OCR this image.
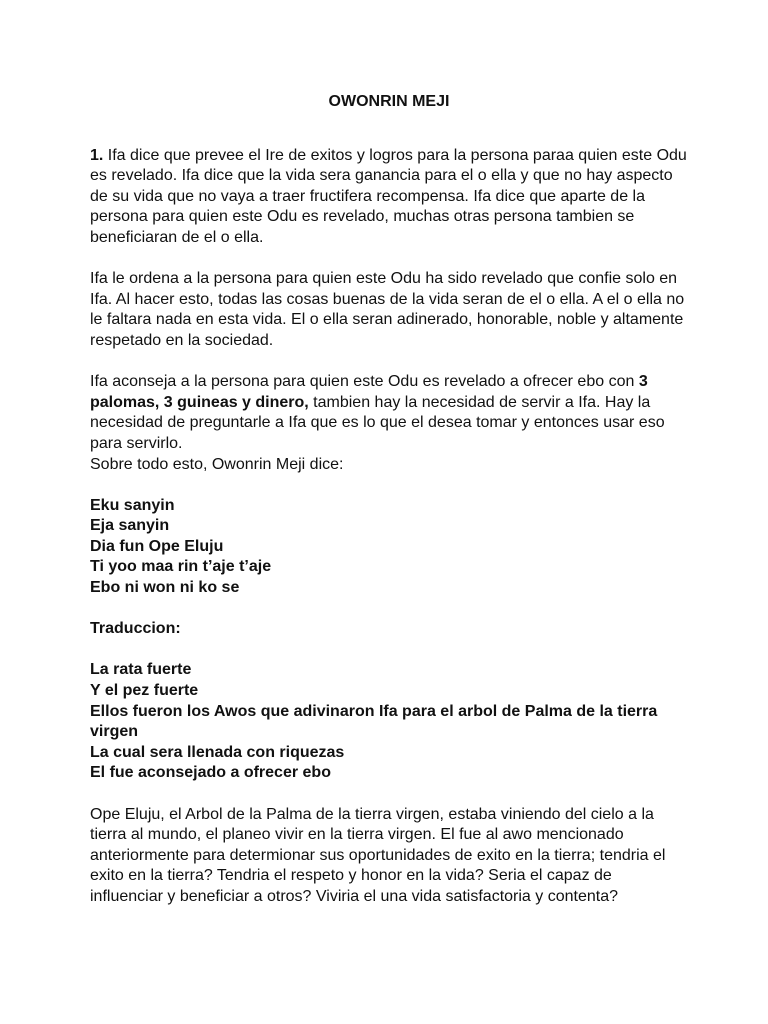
OWONRIN MEJI

1. Ifa dice que prevee el Ire de exitos y logros para la persona paraa quien este Odu es revelado. Ifa dice que la vida sera ganancia para el o ella y que no hay aspecto de su vida que no vaya a traer fructifera recompensa. Ifa dice que aparte de la persona para quien este Odu es revelado, muchas otras persona tambien se beneficiaran de el o ella.

Ifa le ordena a la persona para quien este Odu ha sido revelado que confie solo en Ifa. Al hacer esto, todas las cosas buenas de la vida seran de el o ella. A el o ella no le faltara nada en esta vida. El o ella seran adinerado, honorable, noble y altamente respetado en la sociedad.

Ifa aconseja a la persona para quien este Odu es revelado a ofrecer ebo con 3 palomas, 3 guineas y dinero, tambien hay la necesidad de servir a Ifa. Hay la necesidad de preguntarle a Ifa que es lo que el desea tomar y entonces usar eso para servirlo.
Sobre todo esto, Owonrin Meji dice:

Eku sanyin
Eja sanyin
Dia fun Ope Eluju
Ti yoo maa rin t’aje t’aje
Ebo ni won ni ko se
Traduccion:
La rata fuerte
Y el pez fuerte
Ellos fueron los Awos que adivinaron Ifa para el arbol de Palma de la tierra virgen
La cual sera llenada con riquezas
El fue aconsejado a ofrecer ebo

Ope Eluju, el Arbol de la Palma de la tierra virgen, estaba viniendo del cielo a la tierra al mundo, el planeo vivir en la tierra virgen. El fue al awo mencionado anteriormente para determionar sus oportunidades de exito en la tierra; tendria el exito en la tierra? Tendria el respeto y honor en la vida? Seria el capaz de influenciar y beneficiar a otros? Viviria el una vida satisfactoria y contenta?
